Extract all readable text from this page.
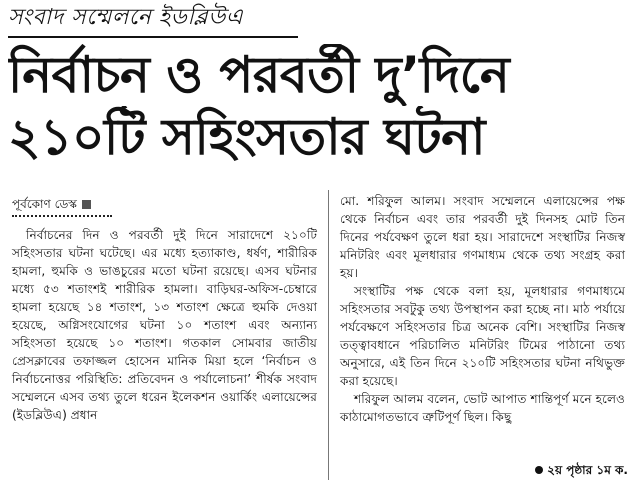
সংবাদ সম্মেলনে ইডব্লিউএ
নির্বাচন ও পরবর্তী দু’দিনে
২১০টি সহিংসতার ঘটনা
পূর্বকোণ ডেস্ক
নির্বাচনের দিন ও পরবর্তী দুই দিনে সারাদেশে ২১০টি সহিংসতার ঘটনা ঘটেছে। এর মধ্যে হত্যাকাণ্ড, ধর্ষণ, শারীরিক হামলা, হুমকি ও ভাঙচুরের মতো ঘটনা রয়েছে। এসব ঘটনার মধ্যে ৫৩ শতাংশই শারীরিক হামলা। বাড়িঘর-অফিস-চেম্বারে হামলা হয়েছে ১৪ শতাংশ, ১৩ শতাংশ ক্ষেত্রে হুমকি দেওয়া হয়েছে, অগ্নিসংযোগের ঘটনা ১০ শতাংশ এবং অন্যান্য সহিংসতা হয়েছে ১০ শতাংশ। গতকাল সোমবার জাতীয় প্রেসক্লাবের তফাজ্জল হোসেন মানিক মিয়া হলে ‘নির্বাচন ও নির্বাচনোত্তর পরিস্থিতি: প্রতিবেদন ও পর্যালোচনা’ শীর্ষক সংবাদ সম্মেলনে এসব তথ্য তুলে ধরেন ইলেকশন ওয়ার্কিং এলায়েন্সের (ইডব্লিউএ) প্রধান
মো. শরিফুল আলম। সংবাদ সম্মেলনে এলায়েন্সের পক্ষ থেকে নির্বাচন এবং তার পরবর্তী দুই দিনসহ মোট তিন দিনের পর্যবেক্ষণ তুলে ধরা হয়। সারাদেশে সংস্থাটির নিজস্ব মনিটরিং এবং মূলধারার গণমাধ্যম থেকে তথ্য সংগ্রহ করা হয়।
সংস্থাটির পক্ষ থেকে বলা হয়, মূলধারার গণমাধ্যমে সহিংসতার সবটুকু তথ্য উপস্থাপন করা হচ্ছে না। মাঠ পর্যায়ে পর্যবেক্ষণে সহিংসতার চিত্র অনেক বেশি। সংস্থাটির নিজস্ব তত্ত্বাবধানে পরিচালিত মনিটরিং টিমের পাঠানো তথ্য অনুসারে, এই তিন দিনে ২১০টি সহিংসতার ঘটনা নথিভুক্ত করা হয়েছে।
শরিফুল আলম বলেন, ভোট আপাত শান্তিপূর্ণ মনে হলেও কাঠামোগতভাবে ত্রুটিপূর্ণ ছিল। কিছু
২য় পৃষ্ঠার ১ম ক.
